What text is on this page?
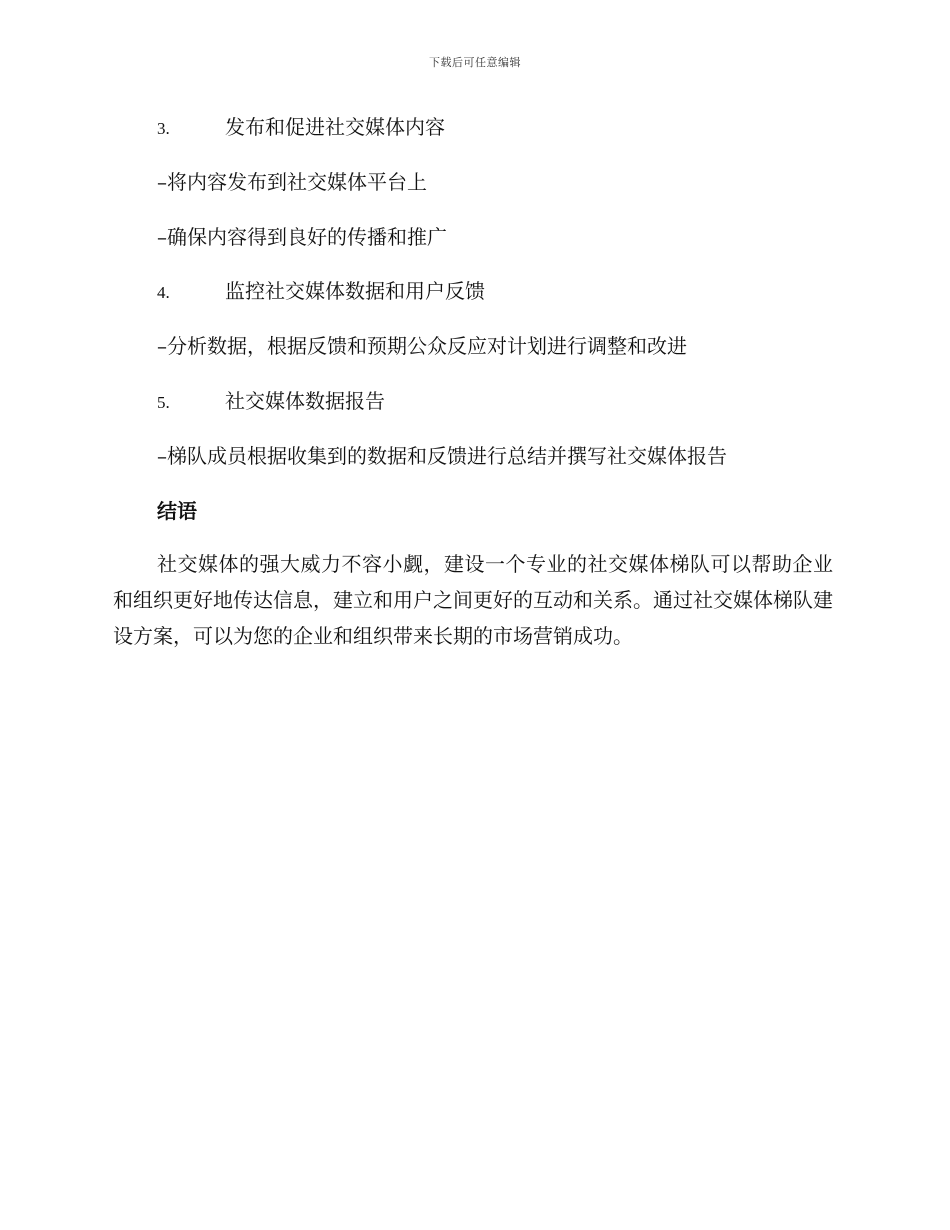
下载后可任意编辑
3.	发布和促进社交媒体内容
–将内容发布到社交媒体平台上
–确保内容得到良好的传播和推广
4.	监控社交媒体数据和用户反馈
–分析数据，根据反馈和预期公众反应对计划进行调整和改进
5.	社交媒体数据报告
–梯队成员根据收集到的数据和反馈进行总结并撰写社交媒体报告
结语
社交媒体的强大威力不容小觑，建设一个专业的社交媒体梯队可以帮助企业和组织更好地传达信息，建立和用户之间更好的互动和关系。通过社交媒体梯队建设方案，可以为您的企业和组织带来长期的市场营销成功。
